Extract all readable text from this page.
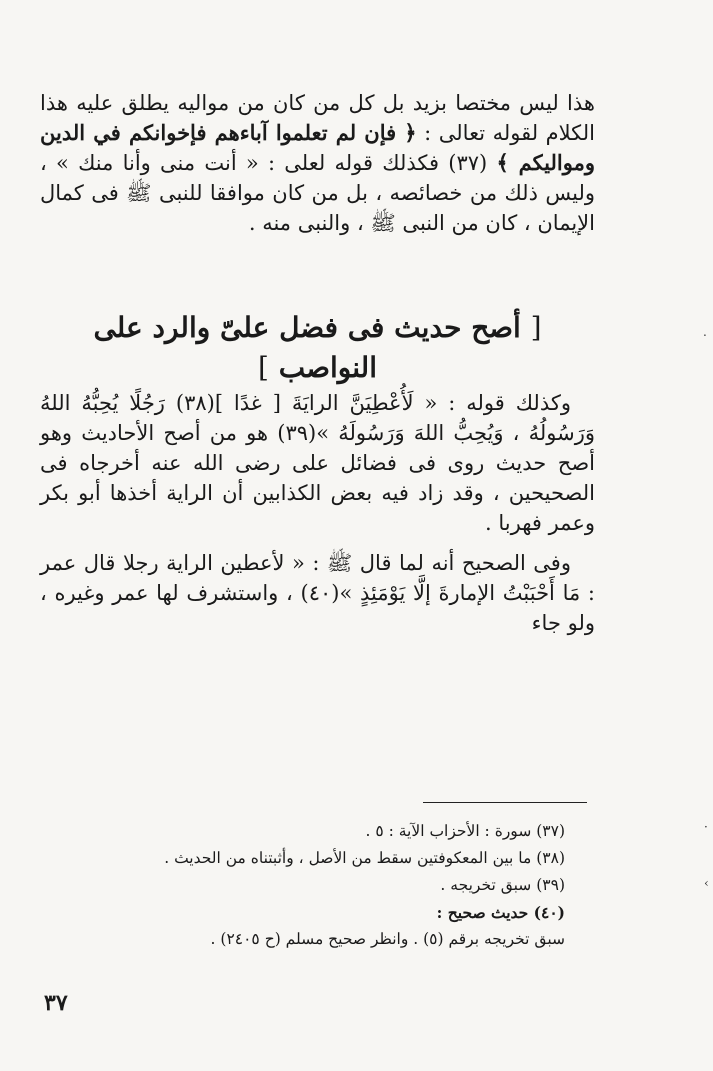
هذا ليس مختصا بزيد بل كل من كان من مواليه يطلق عليه هذا الكلام لقوله تعالى : ﴿ فإن لم تعلموا آباءهم فإخوانكم في الدين ومواليكم ﴾ (٣٧) فكذلك قوله لعلى : « أنت منى وأنا منك » ، وليس ذلك من خصائصه ، بل من كان موافقا للنبى ﷺ فى كمال الإيمان ، كان من النبى ﷺ ، والنبى منه .

[ أصح حديث فى فضل علىّ والرد على النواصب ]

وكذلك قوله : « لَأُعْطِيَنَّ الرايَةَ [ غدًا ](٣٨) رَجُلًا يُحِبُّهُ اللهُ وَرَسُولُهُ ، وَيُحِبُّ اللهَ وَرَسُولَهُ »(٣٩) هو من أصح الأحاديث وهو أصح حديث روى فى فضائل على رضى الله عنه أخرجاه فى الصحيحين ، وقد زاد فيه بعض الكذابين أن الراية أخذها أبو بكر وعمر فهربا .

وفى الصحيح أنه لما قال ﷺ : « لأعطين الراية رجلا قال عمر : مَا أَحْبَبْتُ الإمارةَ إلَّا يَوْمَئِذٍ »(٤٠) ، واستشرف لها عمر وغيره ، ولو جاء

(٣٧) سورة : الأحزاب الآية : ٥ .
(٣٨) ما بين المعكوفتين سقط من الأصل ، وأثبتناه من الحديث .
(٣٩) سبق تخريجه .
(٤٠) حديث صحيح :
سبق تخريجه برقم (٥) . وانظر صحيح مسلم (ح ٢٤٠٥) .
٣٧
.
·
‹
